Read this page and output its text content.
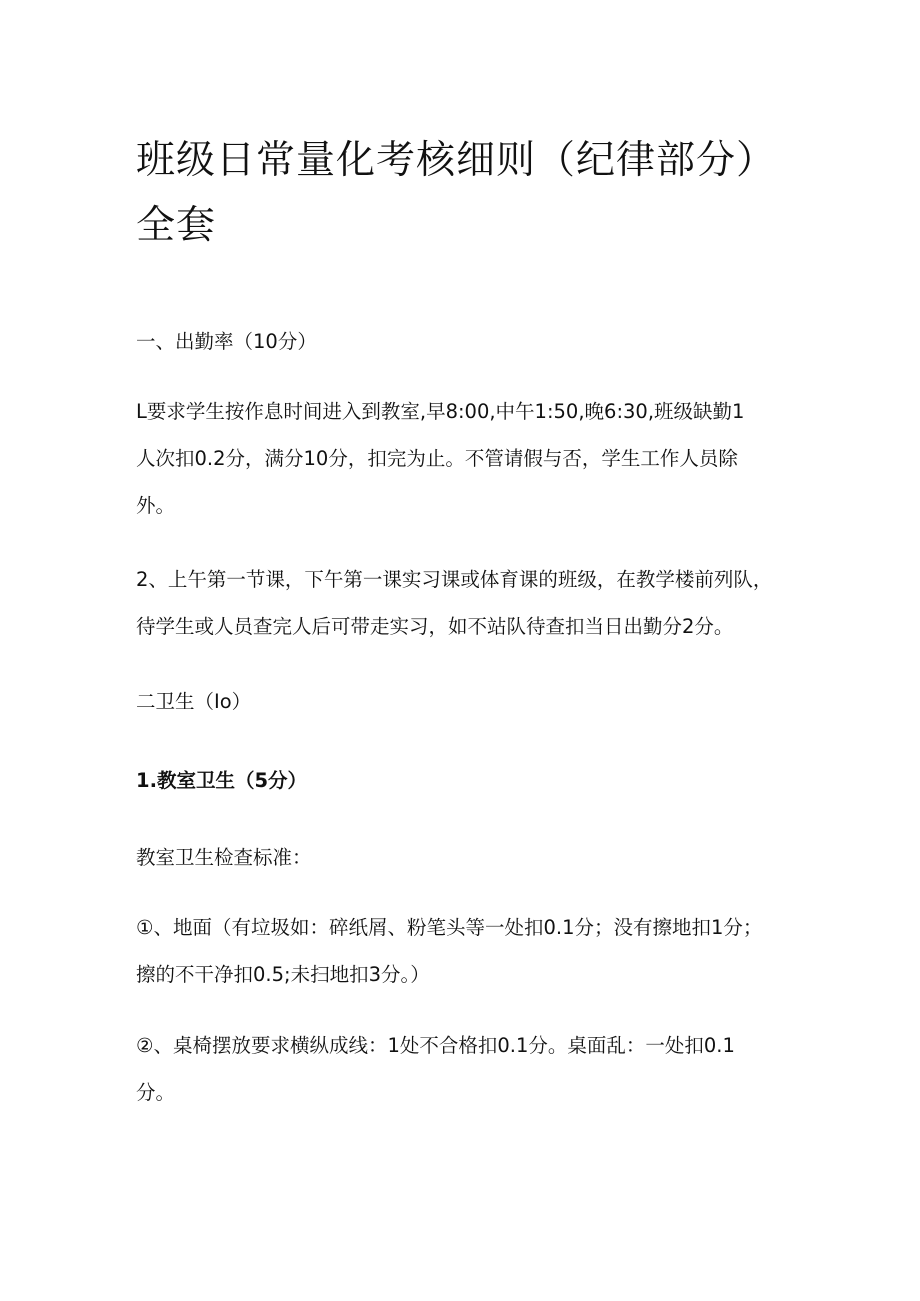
班级日常量化考核细则（纪律部分）
全套

一、出勤率（10分）

L要求学生按作息时间进入到教室,早8:00,中午1:50,晚6:30,班级缺勤1
人次扣0.2分，满分10分，扣完为止。不管请假与否，学生工作人员除
外。

2、上午第一节课，下午第一课实习课或体育课的班级，在教学楼前列队，
待学生或人员查完人后可带走实习，如不站队待查扣当日出勤分2分。

二卫生（Io）

1.教室卫生（5分）

教室卫生检查标准：

①、地面（有垃圾如：碎纸屑、粉笔头等一处扣0.1分；没有擦地扣1分；
擦的不干净扣0.5;未扫地扣3分。）

②、桌椅摆放要求横纵成线：1处不合格扣0.1分。桌面乱：一处扣0.1
分。
